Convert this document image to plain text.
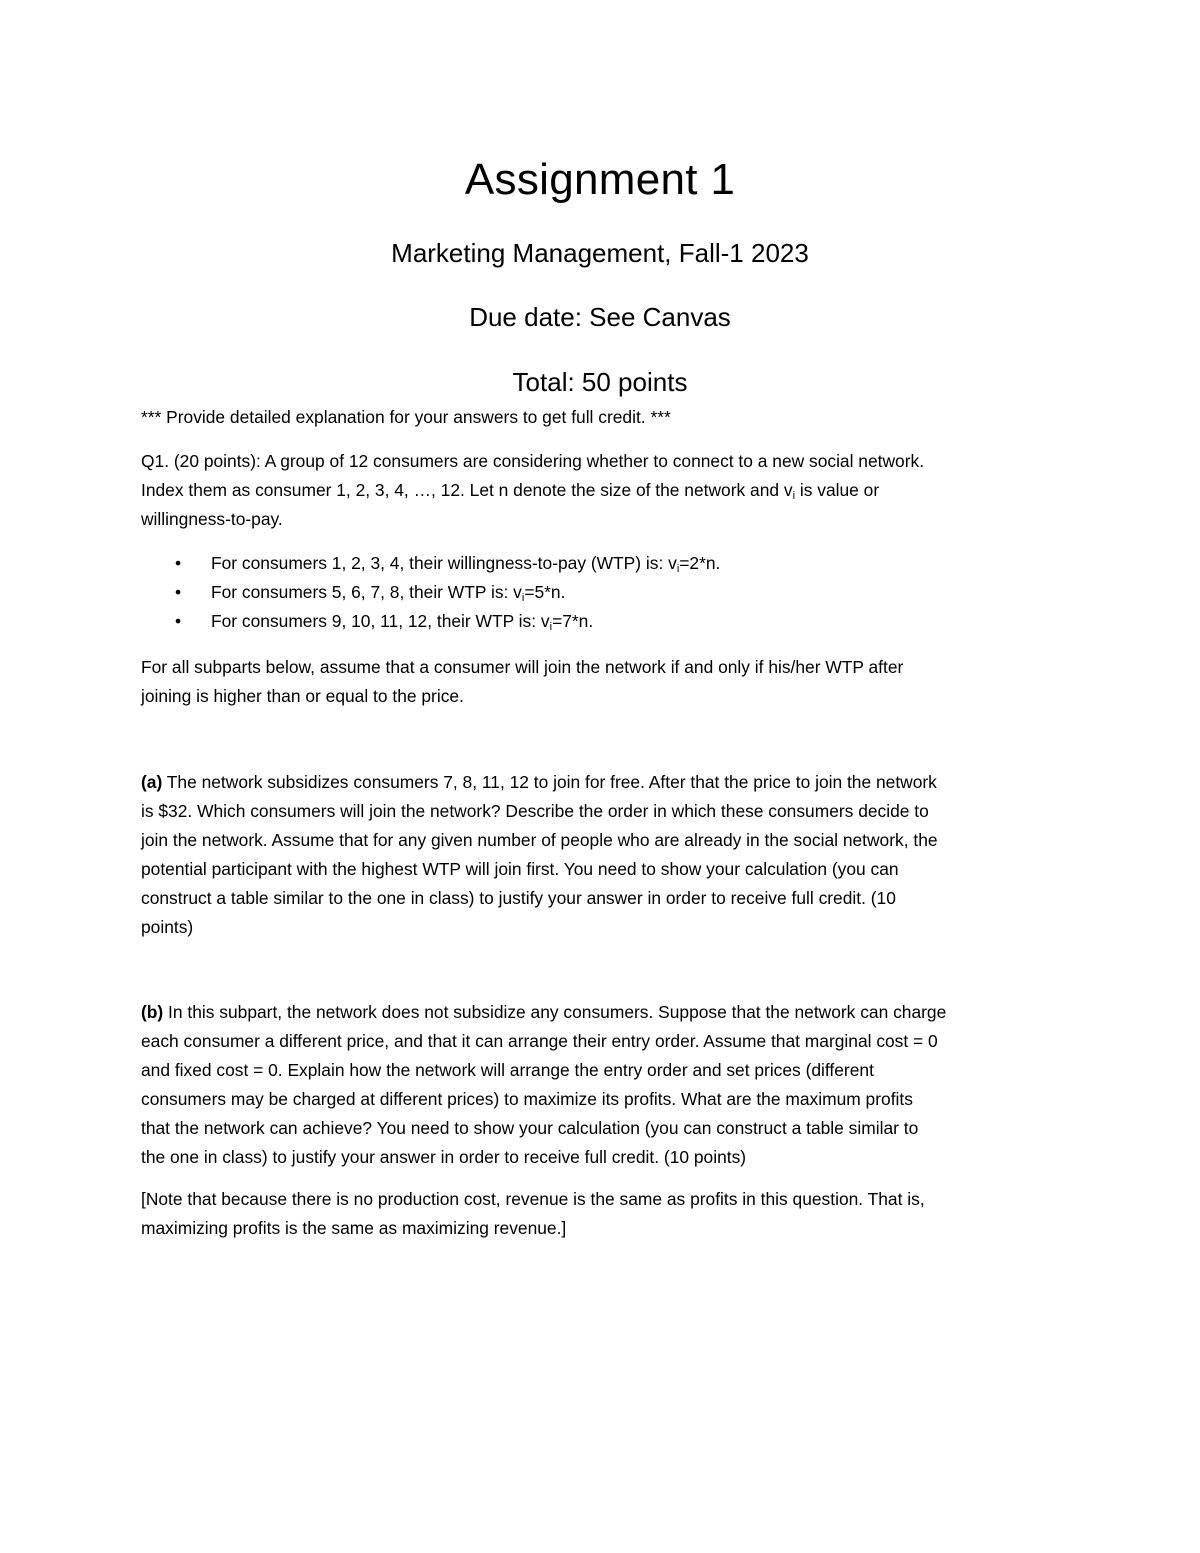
Assignment 1
Marketing Management, Fall-1 2023
Due date: See Canvas
Total: 50 points

*** Provide detailed explanation for your answers to get full credit. ***

Q1. (20 points): A group of 12 consumers are considering whether to connect to a new social network.

Index them as consumer 1, 2, 3, 4, …, 12. Let n denote the size of the network and $v_i$ is value or

willingness-to-pay.

• For consumers 1, 2, 3, 4, their willingness-to-pay (WTP) is: $v_i=2*n$.
• For consumers 5, 6, 7, 8, their WTP is: $v_i=5*n$.
• For consumers 9, 10, 11, 12, their WTP is: $v_i=7*n$.

For all subparts below, assume that a consumer will join the network if and only if his/her WTP after

joining is higher than or equal to the price.

(a) The network subsidizes consumers 7, 8, 11, 12 to join for free. After that the price to join the network

is $32. Which consumers will join the network? Describe the order in which these consumers decide to

join the network. Assume that for any given number of people who are already in the social network, the

potential participant with the highest WTP will join first. You need to show your calculation (you can

construct a table similar to the one in class) to justify your answer in order to receive full credit. (10

points)

(b) In this subpart, the network does not subsidize any consumers. Suppose that the network can charge

each consumer a different price, and that it can arrange their entry order. Assume that marginal cost = 0

and fixed cost = 0. Explain how the network will arrange the entry order and set prices (different

consumers may be charged at different prices) to maximize its profits. What are the maximum profits

that the network can achieve? You need to show your calculation (you can construct a table similar to

the one in class) to justify your answer in order to receive full credit. (10 points)

[Note that because there is no production cost, revenue is the same as profits in this question. That is,

maximizing profits is the same as maximizing revenue.]
